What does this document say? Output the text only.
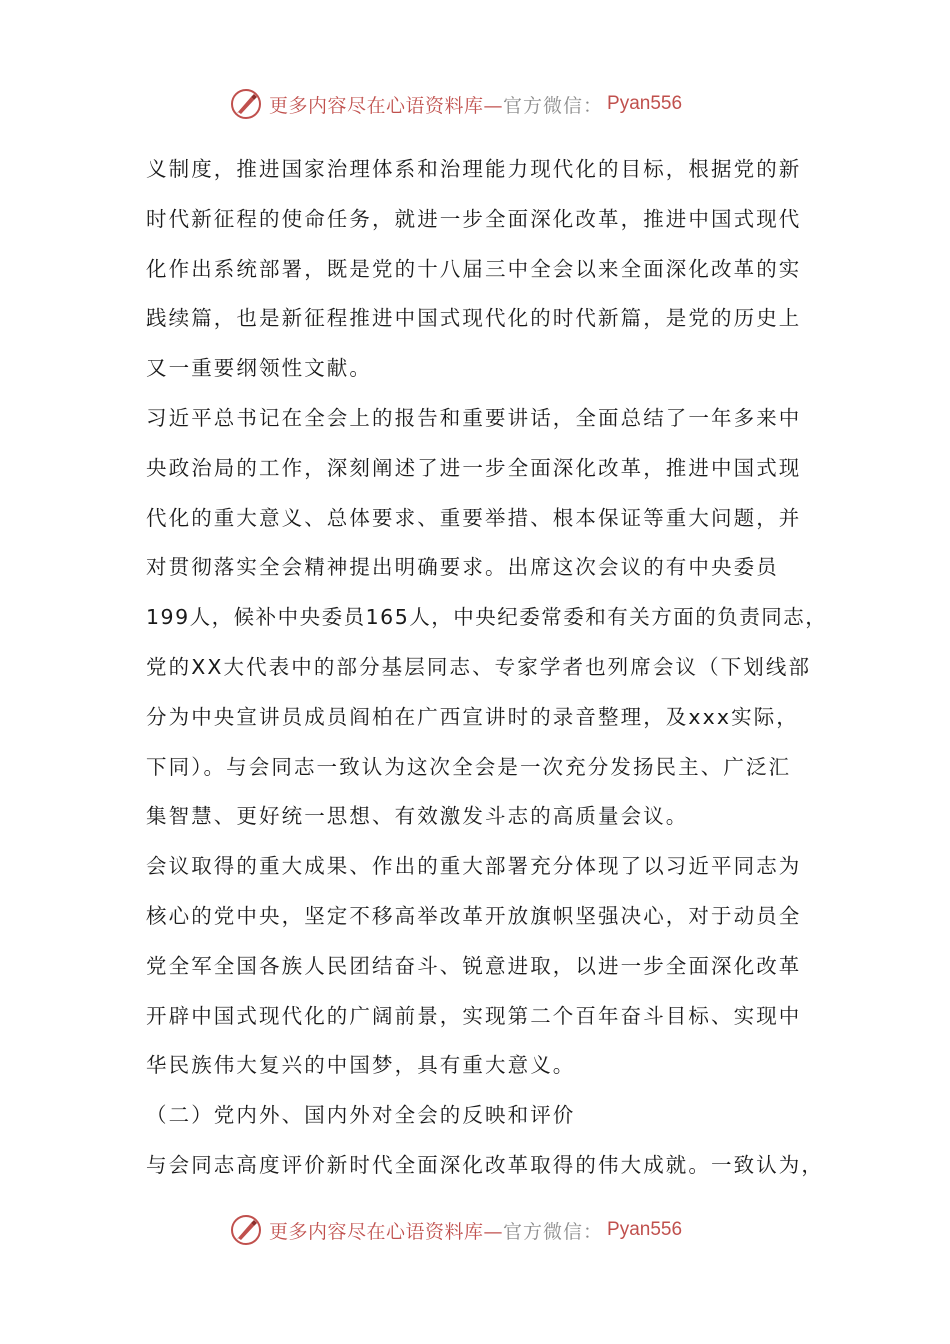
更多内容尽在心语资料库— 官方微信： Pyan556
义制度，推进国家治理体系和治理能力现代化的目标，根据党的新
时代新征程的使命任务，就进一步全面深化改革，推进中国式现代
化作出系统部署，既是党的十八届三中全会以来全面深化改革的实
践续篇，也是新征程推进中国式现代化的时代新篇，是党的历史上
又一重要纲领性文献。
习近平总书记在全会上的报告和重要讲话，全面总结了一年多来中
央政治局的工作，深刻阐述了进一步全面深化改革，推进中国式现
代化的重大意义、总体要求、重要举措、根本保证等重大问题，并
对贯彻落实全会精神提出明确要求。出席这次会议的有中央委员
199人，候补中央委员165人，中央纪委常委和有关方面的负责同志，
党的XX大代表中的部分基层同志、专家学者也列席会议（下划线部
分为中央宣讲员成员阎柏在广西宣讲时的录音整理，及xxx实际，
下同）。与会同志一致认为这次全会是一次充分发扬民主、广泛汇
集智慧、更好统一思想、有效激发斗志的高质量会议。
会议取得的重大成果、作出的重大部署充分体现了以习近平同志为
核心的党中央，坚定不移高举改革开放旗帜坚强决心，对于动员全
党全军全国各族人民团结奋斗、锐意进取，以进一步全面深化改革
开辟中国式现代化的广阔前景，实现第二个百年奋斗目标、实现中
华民族伟大复兴的中国梦，具有重大意义。
（二）党内外、国内外对全会的反映和评价
与会同志高度评价新时代全面深化改革取得的伟大成就。一致认为，
更多内容尽在心语资料库— 官方微信： Pyan556
